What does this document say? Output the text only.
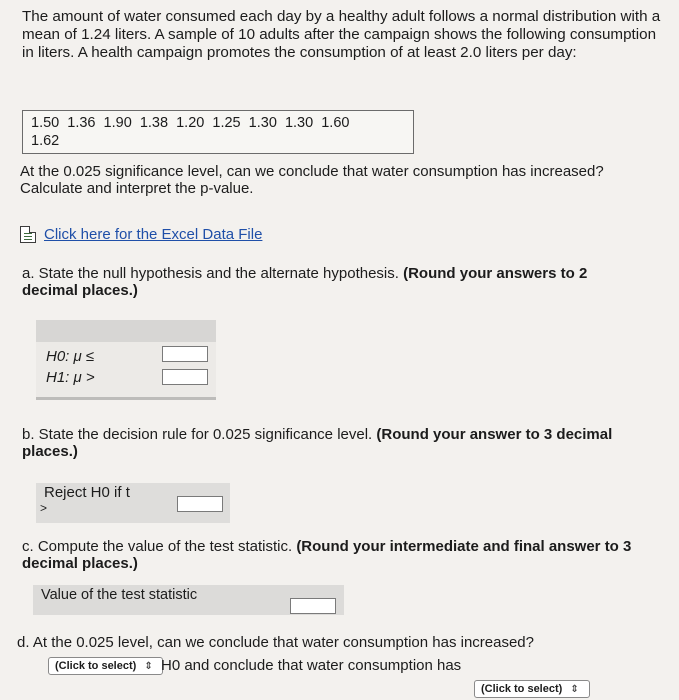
The amount of water consumed each day by a healthy adult follows a normal distribution with a mean of 1.24 liters. A sample of 10 adults after the campaign shows the following consumption in liters. A health campaign promotes the consumption of at least 2.0 liters per day:
1.50  1.36  1.90  1.38  1.20  1.25  1.30  1.30  1.60
1.62
At the 0.025 significance level, can we conclude that water consumption has increased? Calculate and interpret the p-value.
Click here for the Excel Data File
a. State the null hypothesis and the alternate hypothesis. (Round your answers to 2 decimal places.)
H0: μ ≤
H1: μ >
b. State the decision rule for 0.025 significance level. (Round your answer to 3 decimal places.)
Reject H0 if t
>
c. Compute the value of the test statistic. (Round your intermediate and final answer to 3 decimal places.)
Value of the test statistic
d. At the 0.025 level, can we conclude that water consumption has increased?
(Click to select) ⇕ H0 and conclude that water consumption has
(Click to select) ⇕
